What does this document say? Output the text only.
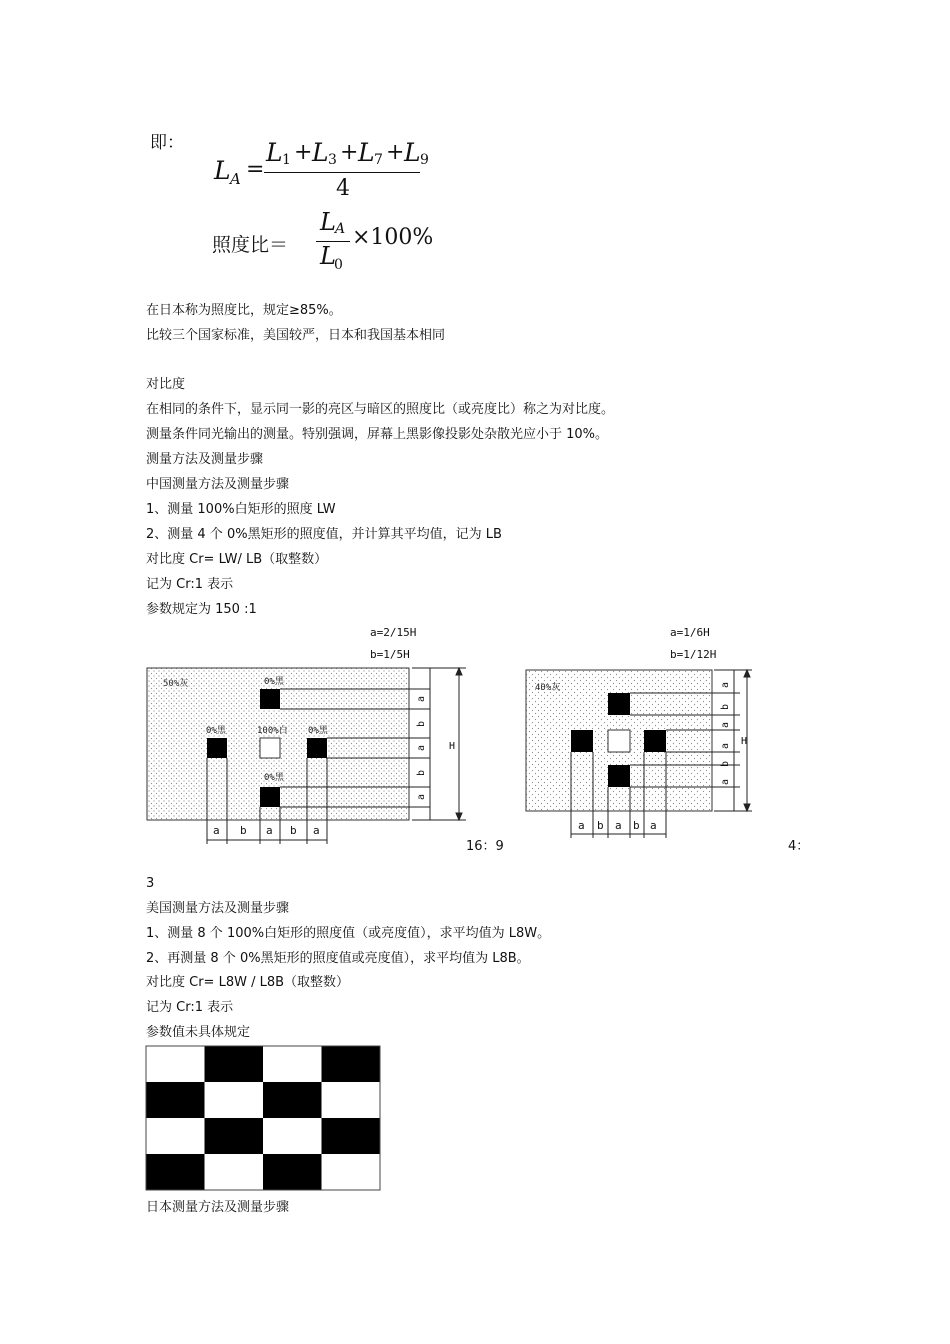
即：
L A =
L 1 + L 3 + L 7 + L 9
4
照度比＝
L A
L
0
×100%
在日本称为照度比，规定≥85%。
比较三个国家标准，美国较严，日本和我国基本相同
对比度
在相同的条件下，显示同一影的亮区与暗区的照度比（或亮度比）称之为对比度。
测量条件同光输出的测量。特别强调，屏幕上黑影像投影处杂散光应小于 10%。
测量方法及测量步骤
中国测量方法及测量步骤
1、测量 100%白矩形的照度 LW
2、测量 4 个 0%黑矩形的照度值，并计算其平均值，记为 LB
对比度 Cr= LW/ LB（取整数）
记为 Cr:1 表示
参数规定为 150 :1
a=2/15H
b=1/5H
50%灰	0%黑
0%黑	100%白 0%黑
0%黑
a
b
a
b
a
H
a b a b a
16：9
a=1/6H
b=1/12H
40%灰	a
b
a
a
b
a
H
a b a b a
4：
3
美国测量方法及测量步骤
1、测量 8 个 100%白矩形的照度值（或亮度值），求平均值为 L8W。
2、再测量 8 个 0%黑矩形的照度值或亮度值），求平均值为 L8B。
对比度 Cr= L8W / L8B（取整数）
记为 Cr:1 表示
参数值未具体规定
日本测量方法及测量步骤
